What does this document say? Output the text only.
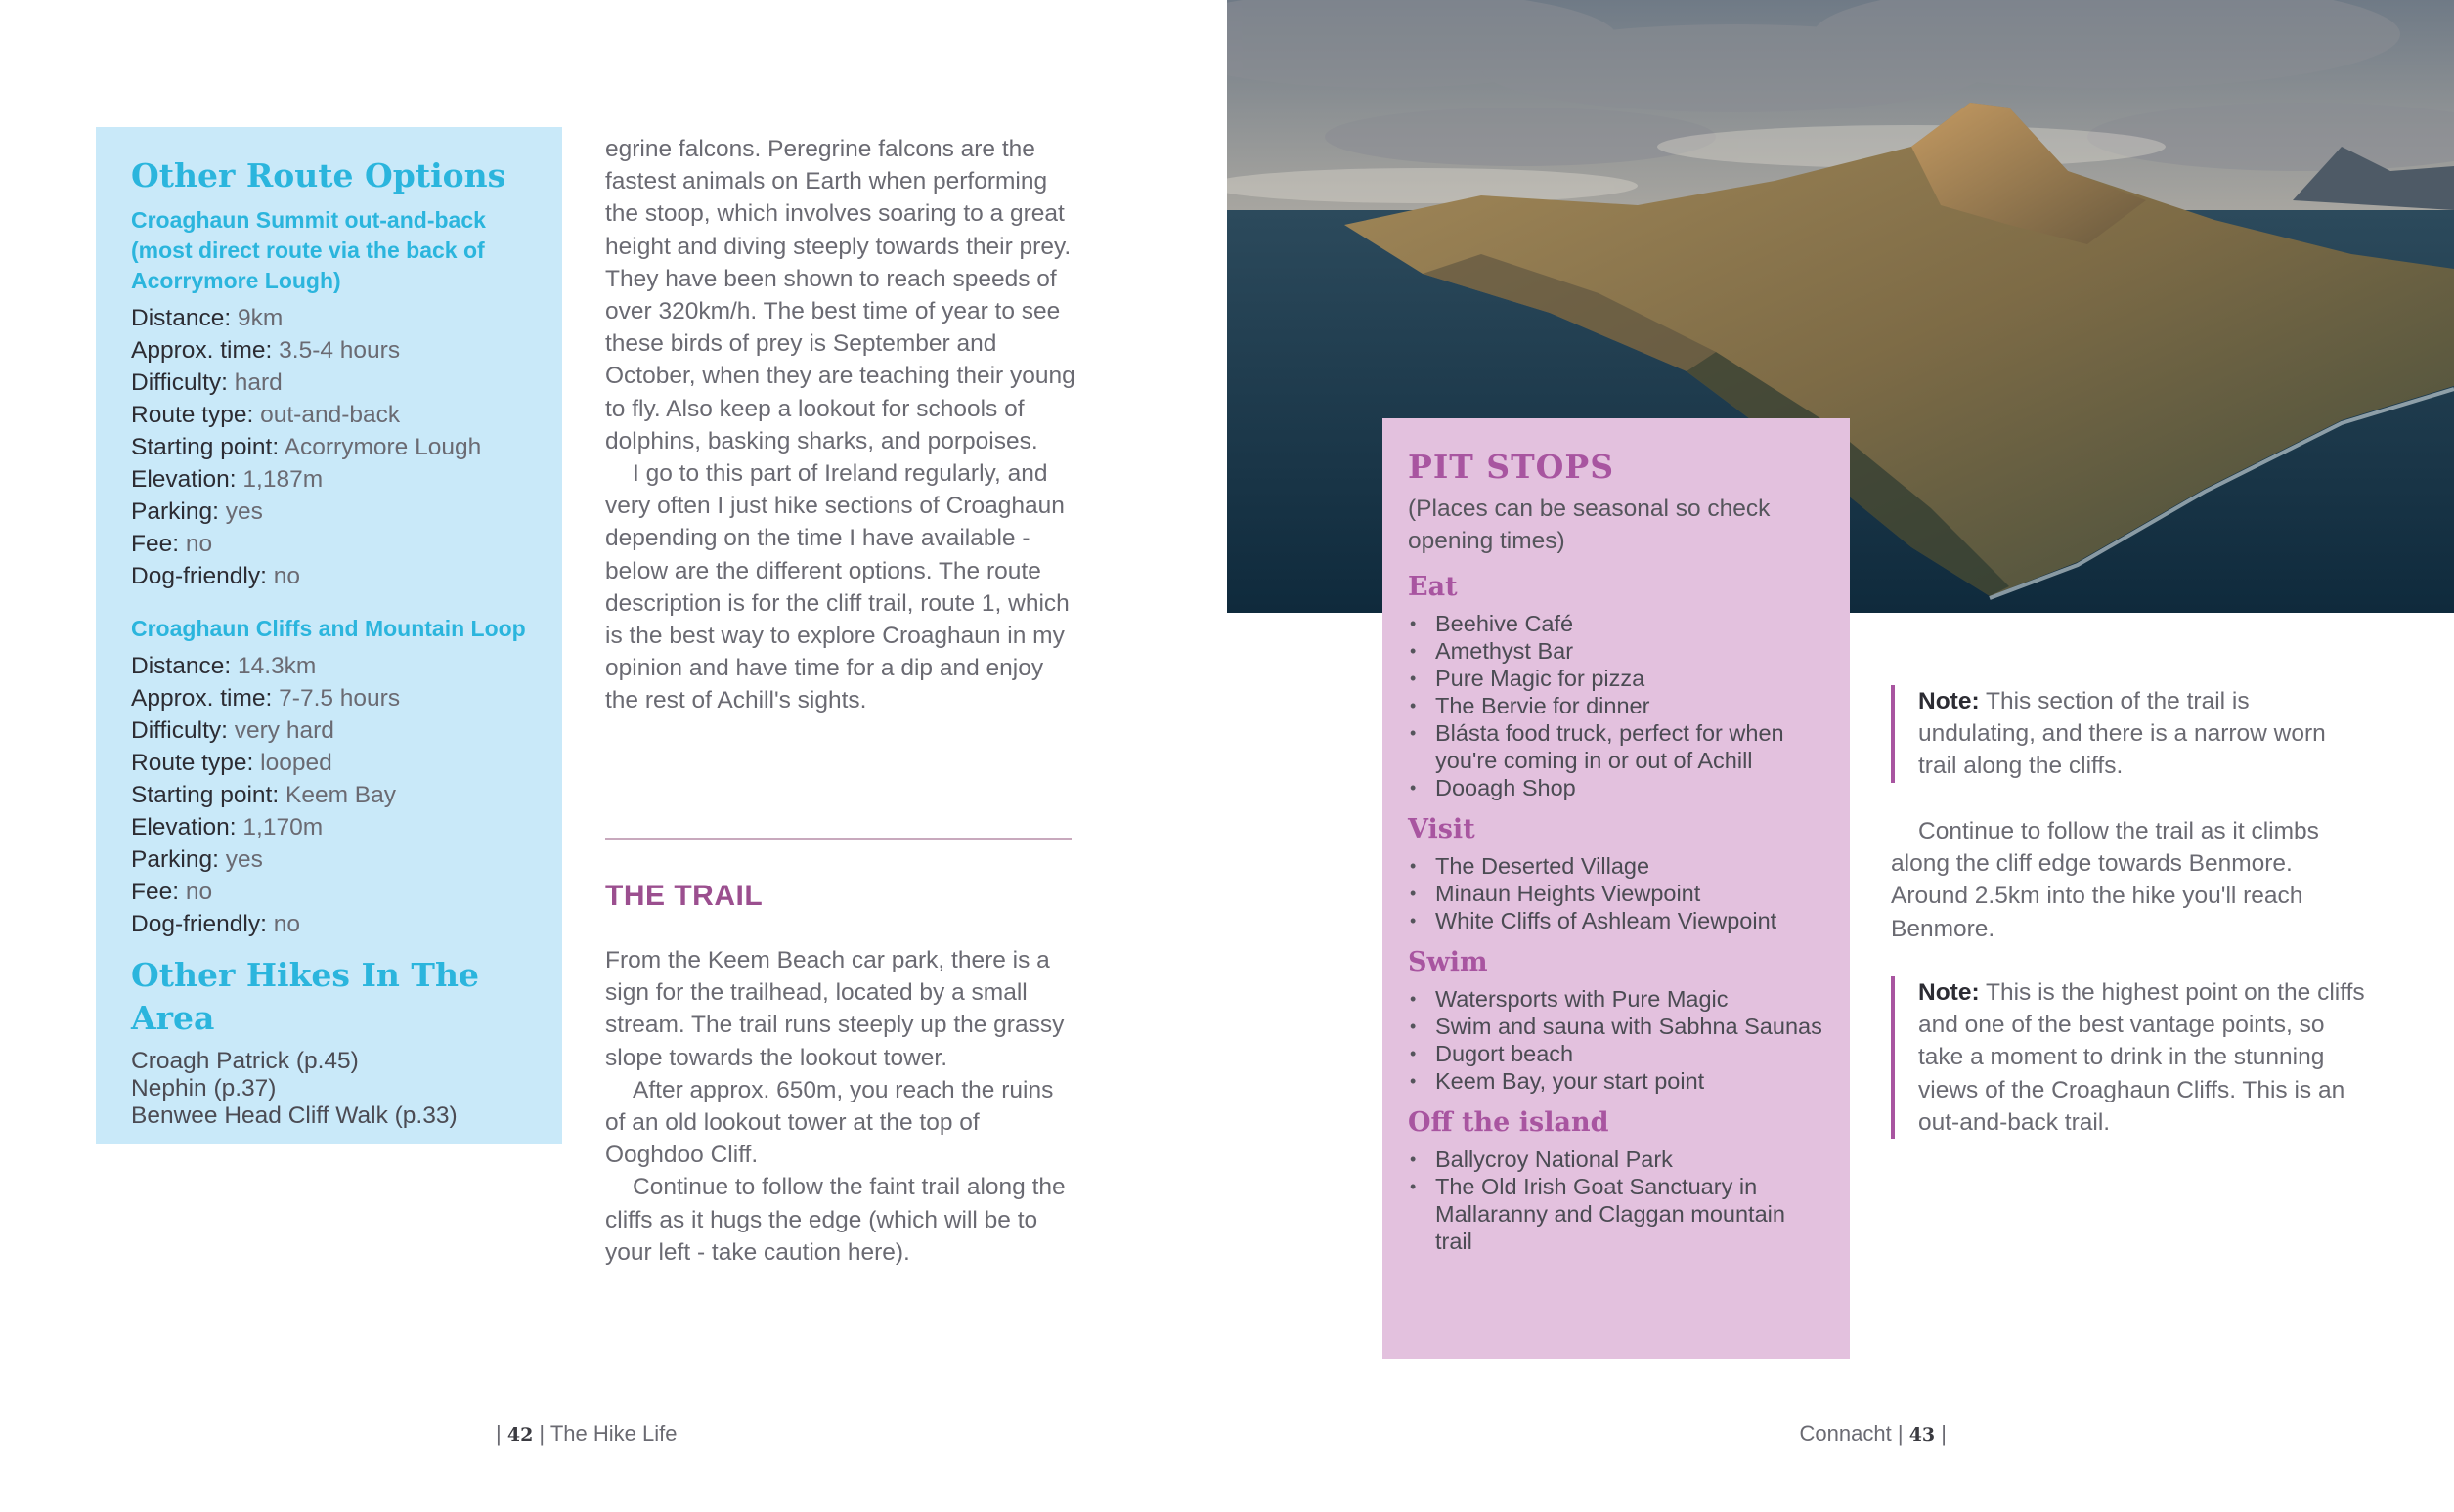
Other Route Options
Croaghaun Summit out-and-back (most direct route via the back of Acorrymore Lough)
Distance: 9km
Approx. time: 3.5-4 hours
Difficulty: hard
Route type: out-and-back
Starting point: Acorrymore Lough
Elevation: 1,187m
Parking: yes
Fee: no
Dog-friendly: no
Croaghaun Cliffs and Mountain Loop
Distance: 14.3km
Approx. time: 7-7.5 hours
Difficulty: very hard
Route type: looped
Starting point: Keem Bay
Elevation: 1,170m
Parking: yes
Fee: no
Dog-friendly: no
Other Hikes In The Area
Croagh Patrick (p.45)
Nephin (p.37)
Benwee Head Cliff Walk (p.33)

egrine falcons. Peregrine falcons are the fastest animals on Earth when performing the stoop, which involves soaring to a great height and diving steeply towards their prey. They have been shown to reach speeds of over 320km/h. The best time of year to see these birds of prey is September and October, when they are teaching their young to fly. Also keep a lookout for schools of dolphins, basking sharks, and porpoises.

I go to this part of Ireland regularly, and very often I just hike sections of Croaghaun depending on the time I have available - below are the different options. The route description is for the cliff trail, route 1, which is the best way to explore Croaghaun in my opinion and have time for a dip and enjoy the rest of Achill's sights.

THE TRAIL

From the Keem Beach car park, there is a sign for the trailhead, located by a small stream. The trail runs steeply up the grassy slope towards the lookout tower.

After approx. 650m, you reach the ruins of an old lookout tower at the top of Ooghdoo Cliff.

Continue to follow the faint trail along the cliffs as it hugs the edge (which will be to your left - take caution here).

PIT STOPS
(Places can be seasonal so check opening times)
Eat
• Beehive Café
• Amethyst Bar
• Pure Magic for pizza
• The Bervie for dinner
• Blásta food truck, perfect for when you're coming in or out of Achill
• Dooagh Shop
Visit
• The Deserted Village
• Minaun Heights Viewpoint
• White Cliffs of Ashleam Viewpoint
Swim
• Watersports with Pure Magic
• Swim and sauna with Sabhna Saunas
• Dugort beach
• Keem Bay, your start point
Off the island
• Ballycroy National Park
• The Old Irish Goat Sanctuary in Mallaranny and Claggan mountain trail
Note: This section of the trail is undulating, and there is a narrow worn trail along the cliffs.
Continue to follow the trail as it climbs along the cliff edge towards Benmore. Around 2.5km into the hike you'll reach Benmore.
Note: This is the highest point on the cliffs and one of the best vantage points, so take a moment to drink in the stunning views of the Croaghaun Cliffs. This is an out-and-back trail.
| 42 | The Hike Life	Connacht | 43 |
